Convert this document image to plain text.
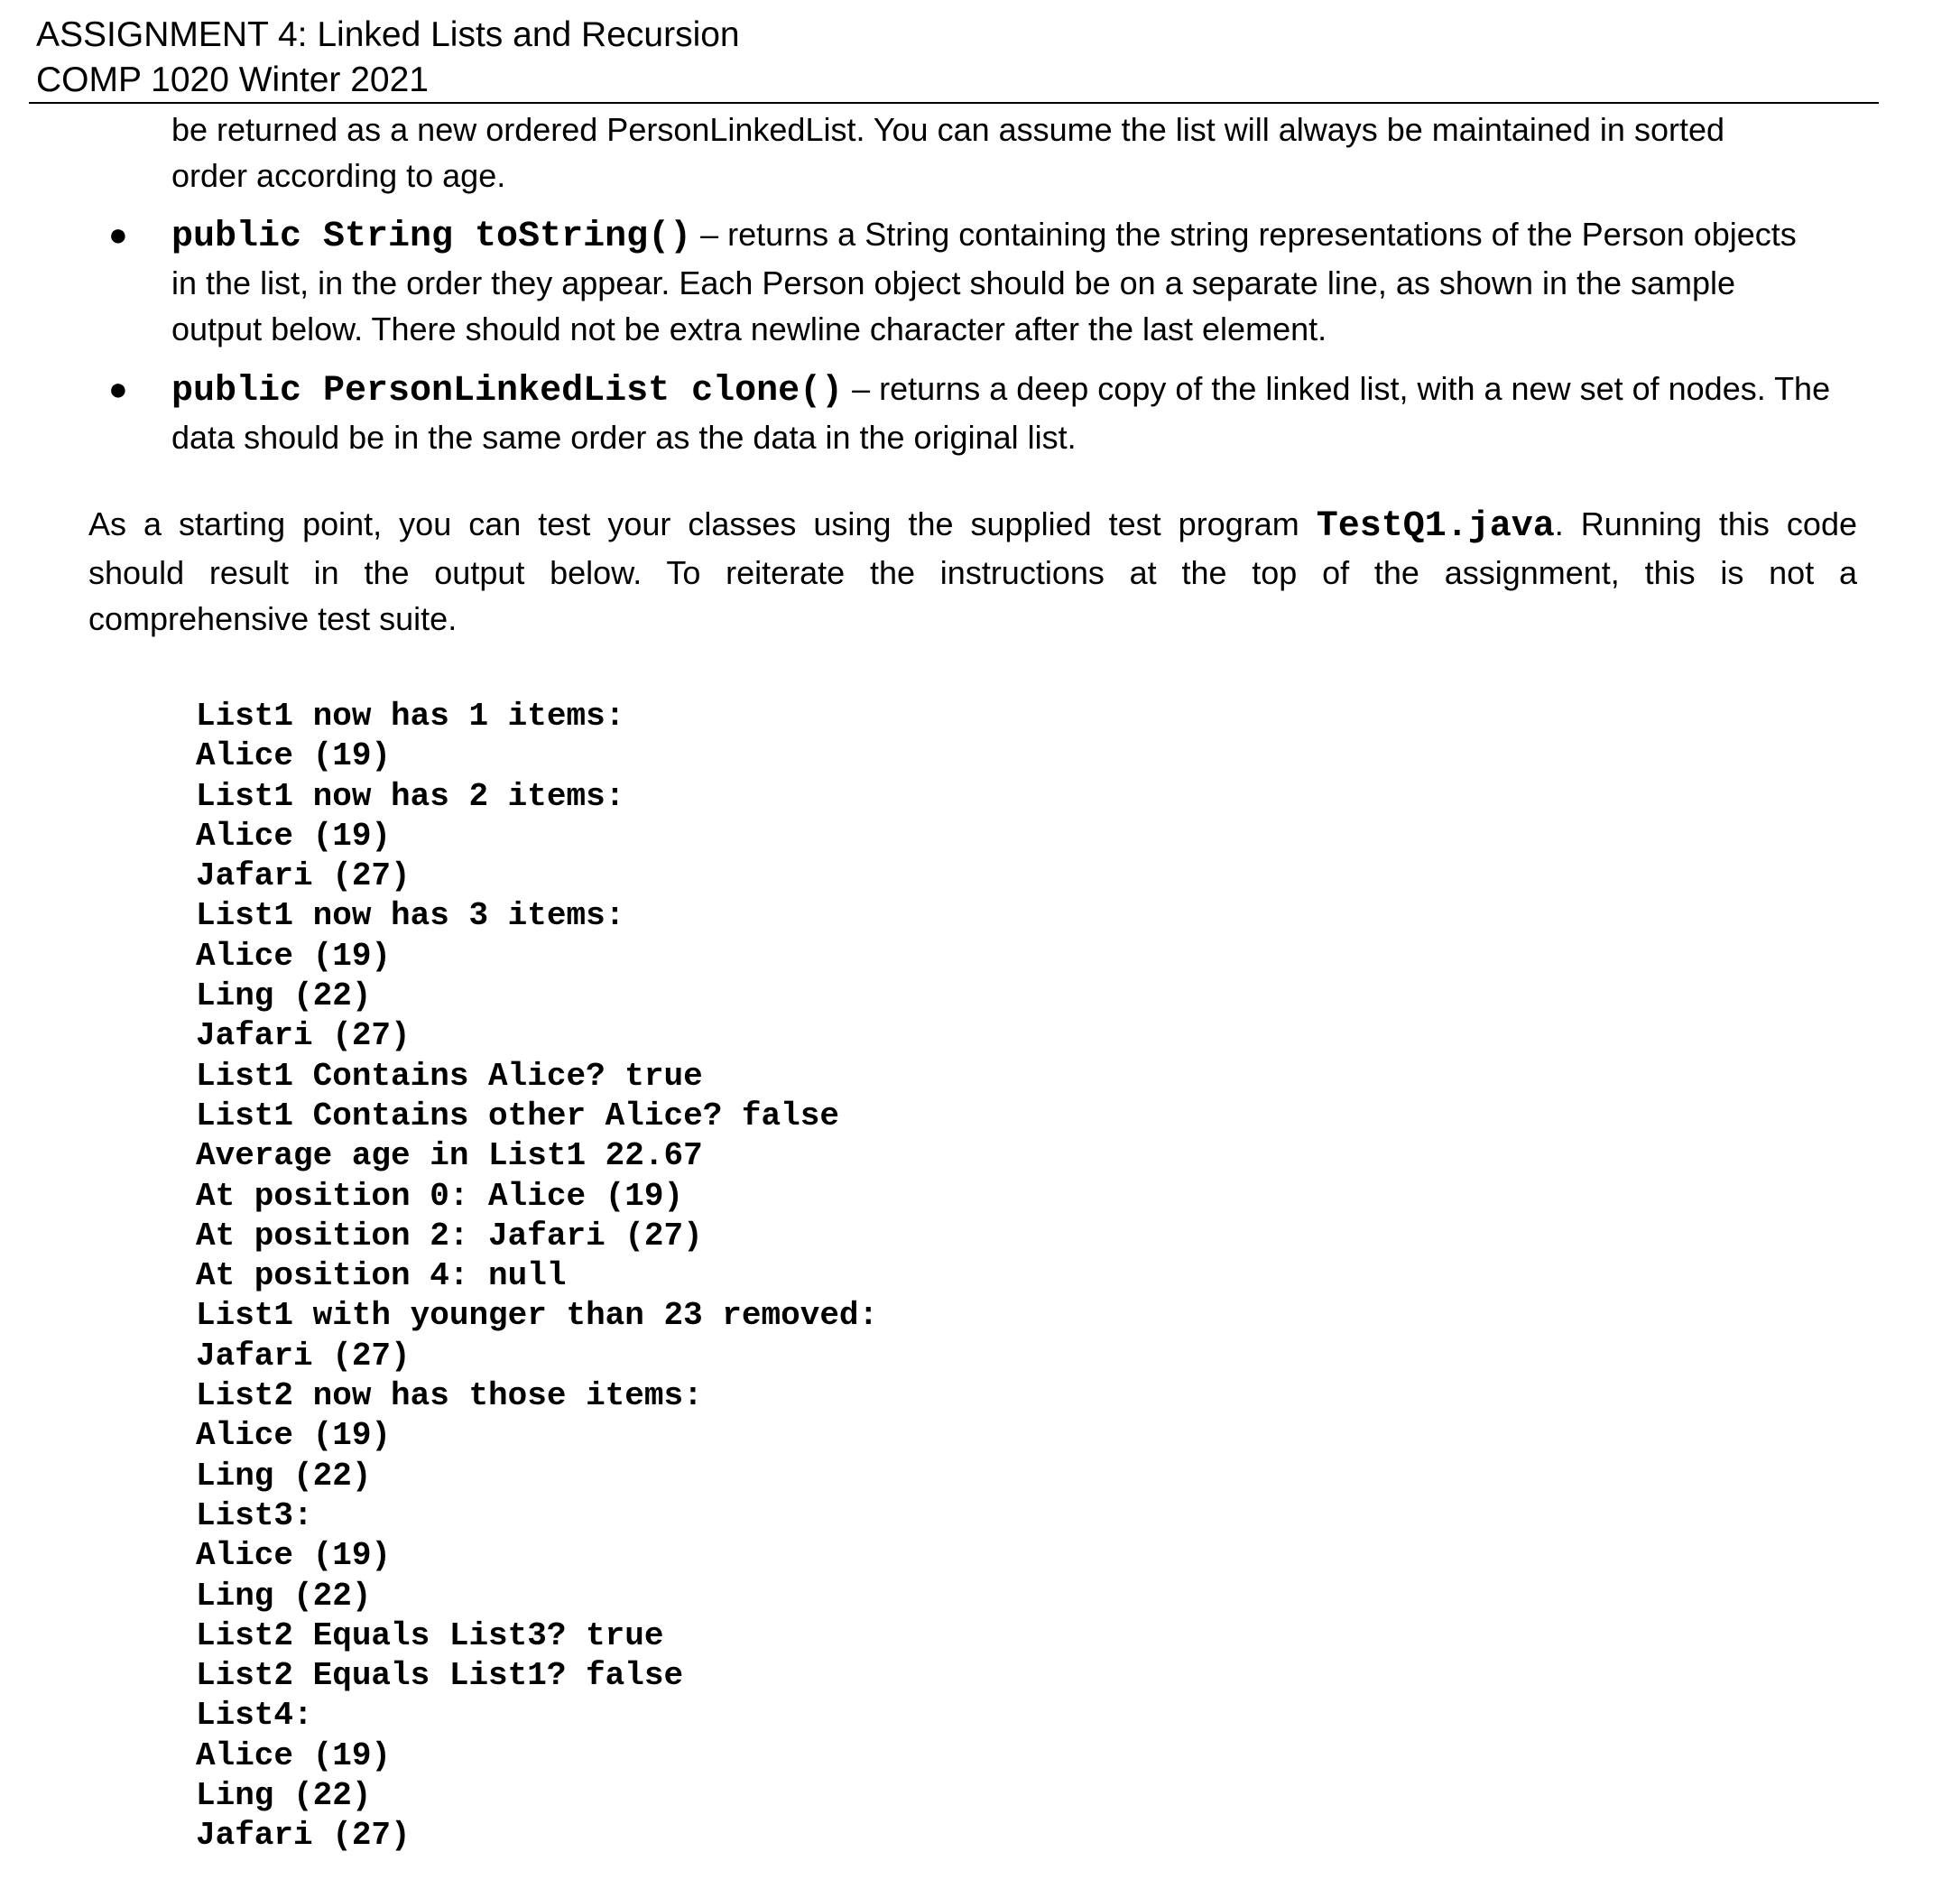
ASSIGNMENT 4: Linked Lists and Recursion
COMP 1020 Winter 2021

be returned as a new ordered PersonLinkedList. You can assume the list will always be maintained in sorted

order according to age.

● public String toString() – returns a String containing the string representations of the Person objects

in the list, in the order they appear. Each Person object should be on a separate line, as shown in the sample

output below. There should not be extra newline character after the last element.

● public PersonLinkedList clone() – returns a deep copy of the linked list, with a new set of nodes. The

data should be in the same order as the data in the original list.

As a starting point, you can test your classes using the supplied test program TestQ1.java. Running this code
should result in the output below. To reiterate the instructions at the top of the assignment, this is not a
comprehensive test suite.

List1 now has 1 items:
Alice (19)
List1 now has 2 items:
Alice (19)
Jafari (27)
List1 now has 3 items:
Alice (19)
Ling (22)
Jafari (27)
List1 Contains Alice? true
List1 Contains other Alice? false
Average age in List1 22.67
At position 0: Alice (19)
At position 2: Jafari (27)
At position 4: null
List1 with younger than 23 removed:
Jafari (27)
List2 now has those items:
Alice (19)
Ling (22)
List3:
Alice (19)
Ling (22)
List2 Equals List3? true
List2 Equals List1? false
List4:
Alice (19)
Ling (22)
Jafari (27)
